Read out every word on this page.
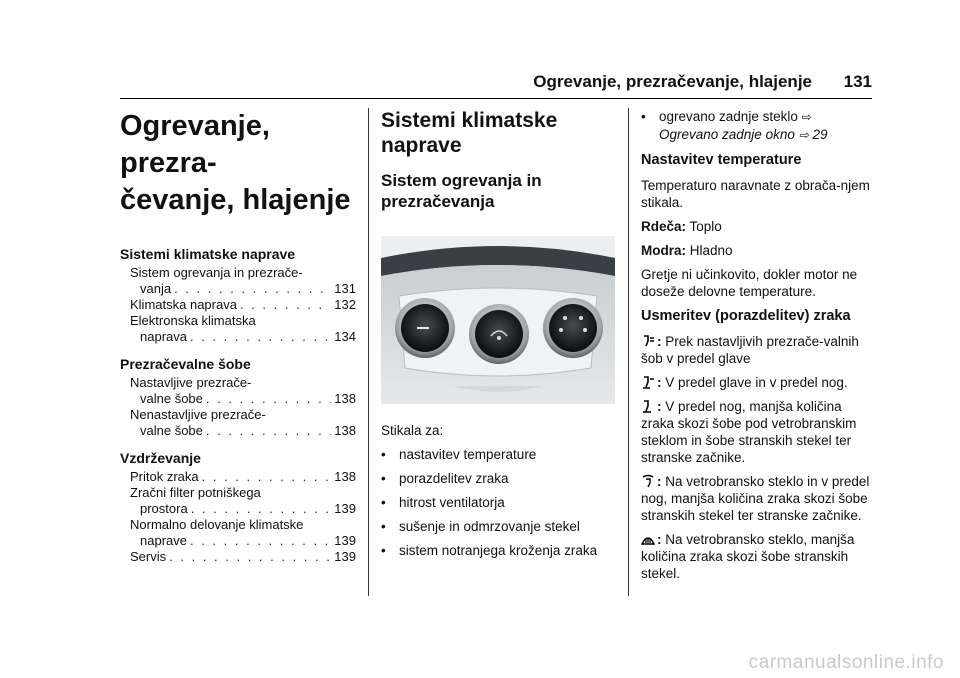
Ogrevanje, prezračevanje, hlajenje 131
Ogrevanje, prezra-
čevanje, hlajenje
Sistemi klimatske naprave
Sistem ogrevanja in prezrače-
vanja . . .	131
Klimatska naprava . . .	132
Elektronska klimatska
naprava . . .	134
Prezračevalne šobe
Nastavljive prezrače-
valne šobe . . .	138
Nenastavljive prezrače-
valne šobe . . .	138
Vzdrževanje
Pritok zraka . . .	138
Zračni filter potniškega
prostora . . .	139
Normalno delovanje klimatske
naprave . . .	139
Servis . . .	139
Sistemi klimatske
naprave
Sistem ogrevanja in
prezračevanja

Stikala za:

• nastavitev temperature
• porazdelitev zraka
• hitrost ventilatorja
• sušenje in odmrzovanje stekel
• sistem notranjega kroženja zraka
• ogrevano zadnje steklo ⇨
Ogrevano zadnje okno ⇨ 29
Nastavitev temperature

Temperaturo naravnate z obrača-njem stikala.

Rdeča: Toplo

Modra: Hladno

Gretje ni učinkovito, dokler motor ne doseže delovne temperature.

Usmeritev (porazdelitev) zraka

: Prek nastavljivih prezrače-valnih šob v predel glave

: V predel glave in v predel nog.

: V predel nog, manjša količina zraka skozi šobe pod vetrobranskim steklom in šobe stranskih stekel ter stranske začnike.

: Na vetrobransko steklo in v predel nog, manjša količina zraka skozi šobe stranskih stekel ter stranske začnike.

: Na vetrobransko steklo, manjša količina zraka skozi šobe stranskih stekel.

carmanualsonline.info
